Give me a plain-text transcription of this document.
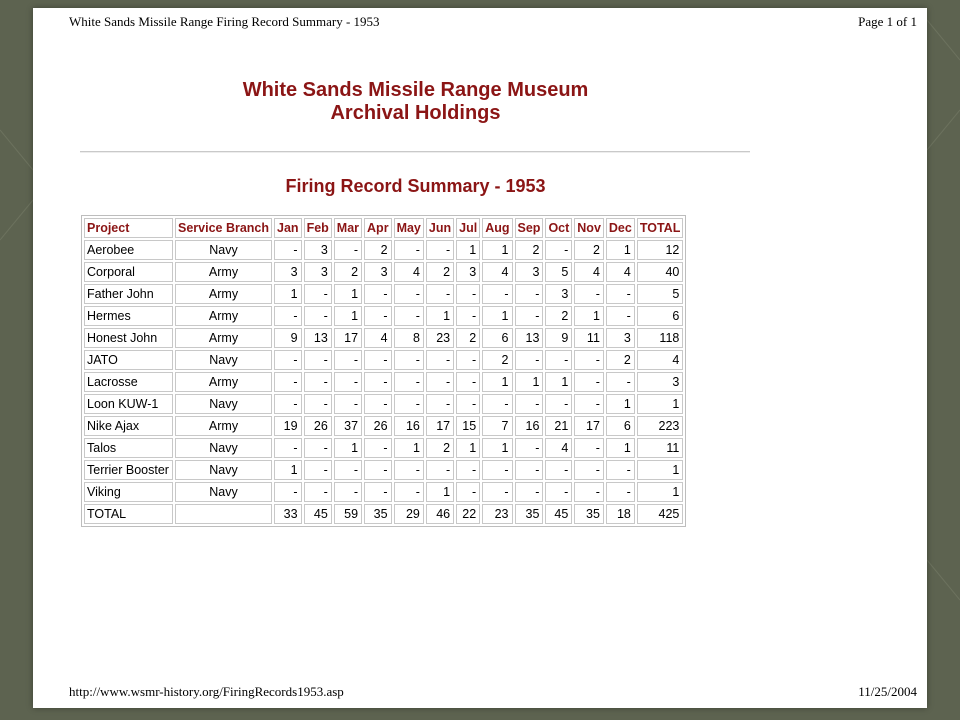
White Sands Missile Range Firing Record Summary - 1953	Page 1 of 1
White Sands Missile Range Museum
Archival Holdings
Firing Record Summary - 1953
Project	Service Branch	Jan	Feb	Mar	Apr	May	Jun	Jul	Aug	Sep	Oct	Nov	Dec	TOTAL
Aerobee	Navy	-	3	-	2	-	-	1	1	2	-	2	1	12
Corporal	Army	3	3	2	3	4	2	3	4	3	5	4	4	40
Father John	Army	1	-	1	-	-	-	-	-	-	3	-	-	5
Hermes	Army	-	-	1	-	-	1	-	1	-	2	1	-	6
Honest John	Army	9	13	17	4	8	23	2	6	13	9	11	3	118
JATO	Navy	-	-	-	-	-	-	-	2	-	-	-	2	4
Lacrosse	Army	-	-	-	-	-	-	-	1	1	1	-	-	3
Loon KUW-1	Navy	-	-	-	-	-	-	-	-	-	-	-	1	1
Nike Ajax	Army	19	26	37	26	16	17	15	7	16	21	17	6	223
Talos	Navy	-	-	1	-	1	2	1	1	-	4	-	1	11
Terrier Booster	Navy	1	-	-	-	-	-	-	-	-	-	-	-	1
Viking	Navy	-	-	-	-	-	1	-	-	-	-	-	-	1
TOTAL		33	45	59	35	29	46	22	23	35	45	35	18	425
http://www.wsmr-history.org/FiringRecords1953.asp	11/25/2004
